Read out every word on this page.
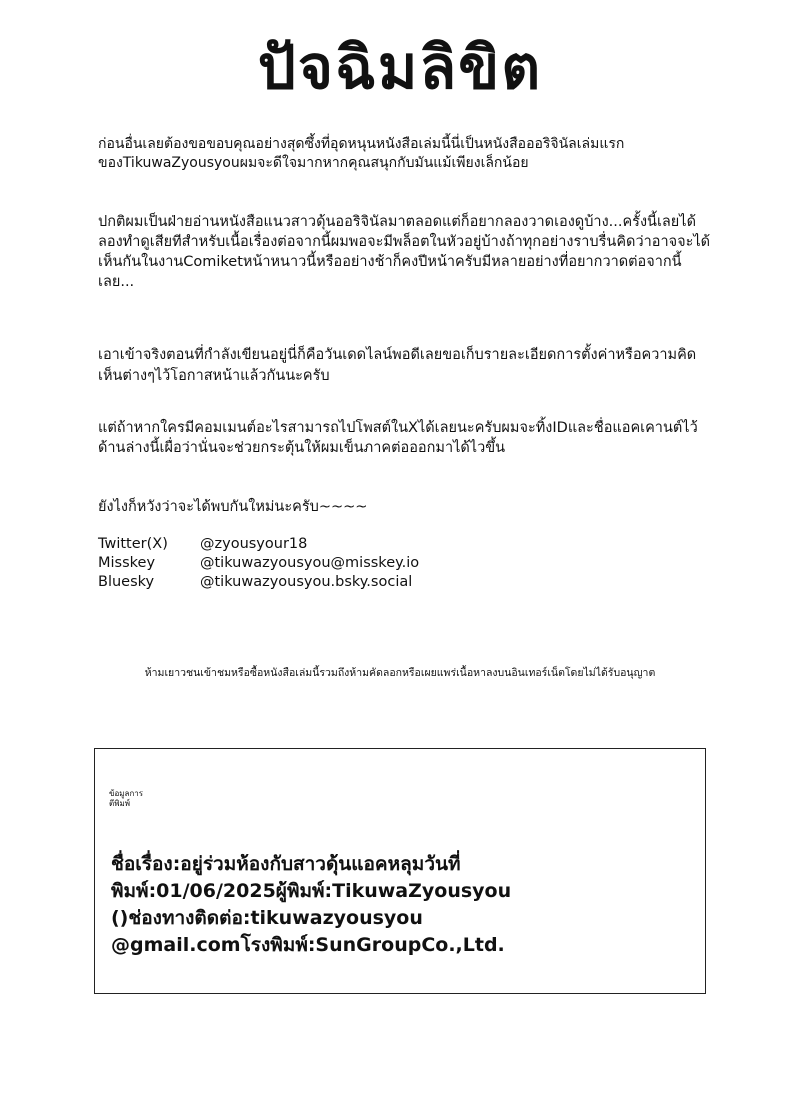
ปัจฉิมลิขิต

ก่อนอื่นเลยต้องขอขอบคุณอย่างสุดซึ้งที่อุดหนุนหนังสือเล่มนี้นี่เป็นหนังสือออริจินัลเล่มแรกของTikuwaZyousyouผมจะดีใจมากหากคุณสนุกกับมันแม้เพียงเล็กน้อย

ปกติผมเป็นฝ่ายอ่านหนังสือแนวสาวดุ้นออริจินัลมาตลอดแต่ก็อยากลองวาดเองดูบ้าง...ครั้งนี้เลยได้ลองทำดูเสียทีสำหรับเนื้อเรื่องต่อจากนี้ผมพอจะมีพล็อตในหัวอยู่บ้างถ้าทุกอย่างราบรื่นคิดว่าอาจจะได้เห็นกันในงานComiketหน้าหนาวนี้หรืออย่างช้าก็คงปีหน้าครับมีหลายอย่างที่อยากวาดต่อจากนี้เลย...

เอาเข้าจริงตอนที่กำลังเขียนอยู่นี่ก็คือวันเดดไลน์พอดีเลยขอเก็บรายละเอียดการตั้งค่าหรือความคิดเห็นต่างๆไว้โอกาสหน้าแล้วกันนะครับ

แต่ถ้าหากใครมีคอมเมนต์อะไรสามารถไปโพสต์ในXได้เลยนะครับผมจะทิ้งIDและชื่อแอคเคานต์ไว้ด้านล่างนี้เผื่อว่านั่นจะช่วยกระตุ้นให้ผมเข็นภาคต่อออกมาได้ไวขึ้น

ยังไงก็หวังว่าจะได้พบกันใหม่นะครับ~~~~

Twitter(X)	@zyousyour18
Misskey	@tikuwazyousyou@misskey.io
Bluesky	@tikuwazyousyou.bsky.social

ห้ามเยาวชนเข้าชมหรือซื้อหนังสือเล่มนี้รวมถึงห้ามคัดลอกหรือเผยแพร่เนื้อหาลงบนอินเทอร์เน็ตโดยไม่ได้รับอนุญาต

ข้อมูลการ
ตีพิมพ์

ชื่อเรื่อง:อยู่ร่วมห้องกับสาวดุ้นแอคหลุมวันที่
พิมพ์:01/06/2025ผู้พิมพ์:TikuwaZyousyou
()ช่องทางติดต่อ:tikuwazyousyou
@gmail.comโรงพิมพ์:SunGroupCo.,Ltd.
